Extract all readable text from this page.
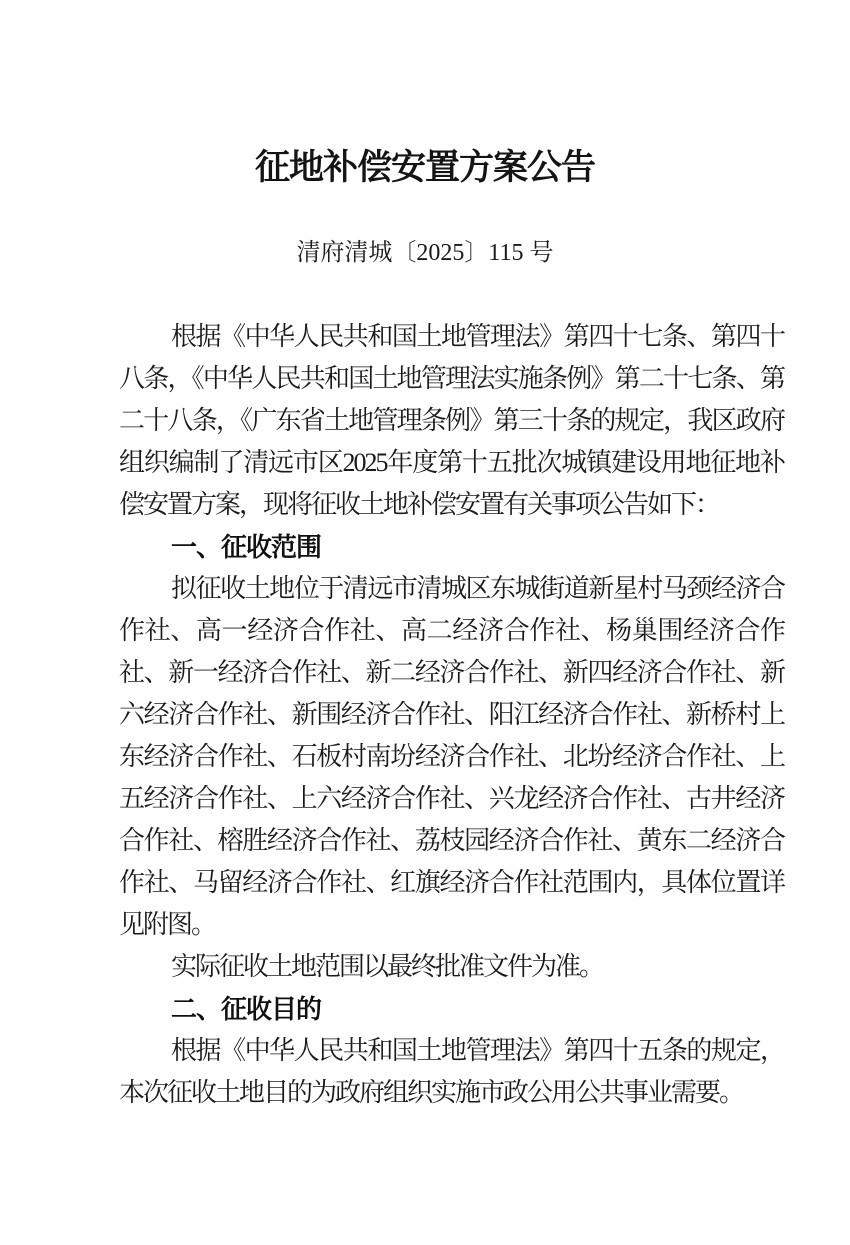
征地补偿安置方案公告
清府清城〔2025〕115 号

根据《中华人民共和国土地管理法》第四十七条、第四十八条，《中华人民共和国土地管理法实施条例》第二十七条、第二十八条，《广东省土地管理条例》第三十条的规定，我区政府组织编制了清远市区2025年度第十五批次城镇建设用地征地补偿安置方案，现将征收土地补偿安置有关事项公告如下：

一、征收范围

拟征收土地位于清远市清城区东城街道新星村马颈经济合作社、高一经济合作社、高二经济合作社、杨巢围经济合作社、新一经济合作社、新二经济合作社、新四经济合作社、新六经济合作社、新围经济合作社、阳江经济合作社、新桥村上东经济合作社、石板村南坋经济合作社、北坋经济合作社、上五经济合作社、上六经济合作社、兴龙经济合作社、古井经济合作社、榕胜经济合作社、荔枝园经济合作社、黄东二经济合作社、马留经济合作社、红旗经济合作社范围内，具体位置详见附图。

实际征收土地范围以最终批准文件为准。

二、征收目的

根据《中华人民共和国土地管理法》第四十五条的规定，本次征收土地目的为政府组织实施市政公用公共事业需要。
